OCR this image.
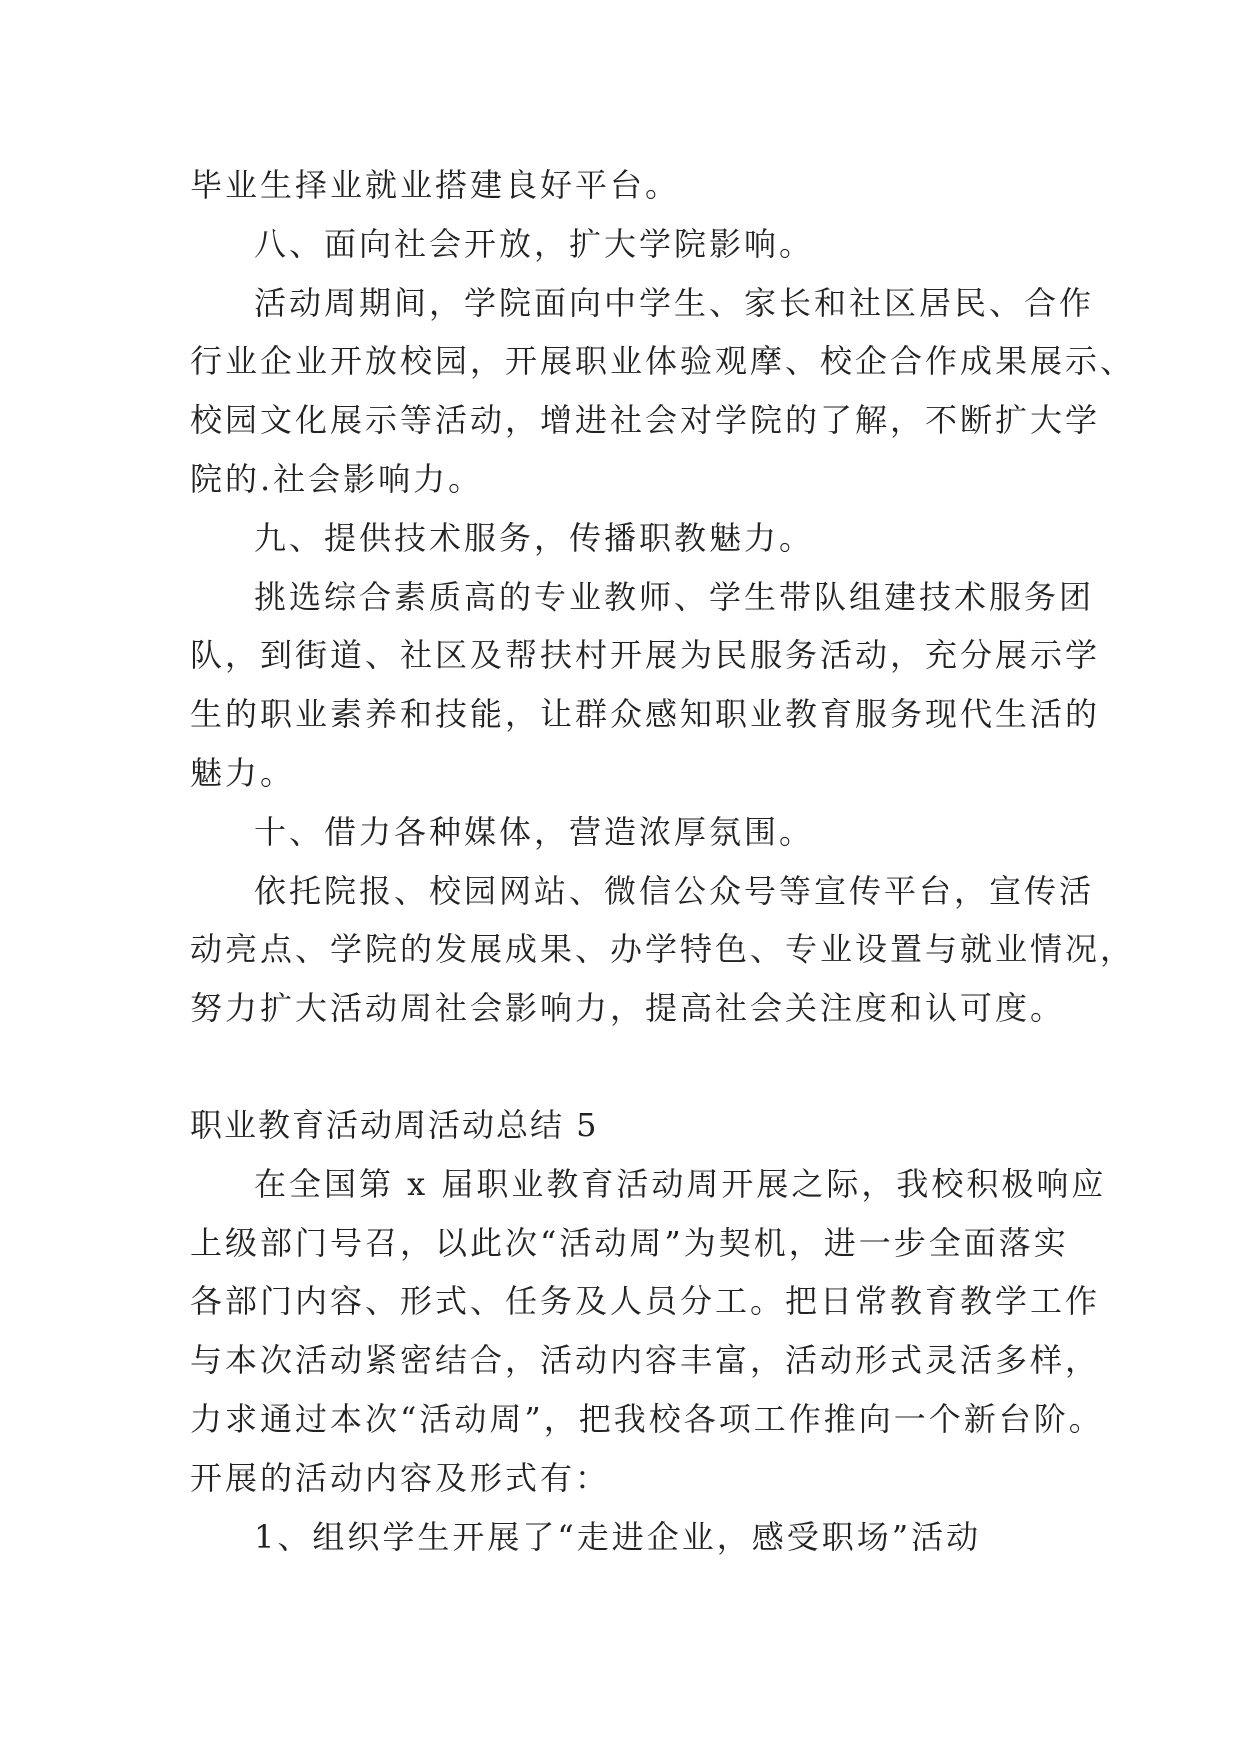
毕业生择业就业搭建良好平台。
八、面向社会开放，扩大学院影响。
活动周期间，学院面向中学生、家长和社区居民、合作
行业企业开放校园，开展职业体验观摩、校企合作成果展示、
校园文化展示等活动，增进社会对学院的了解，不断扩大学
院的.社会影响力。
九、提供技术服务，传播职教魅力。
挑选综合素质高的专业教师、学生带队组建技术服务团
队，到街道、社区及帮扶村开展为民服务活动，充分展示学
生的职业素养和技能，让群众感知职业教育服务现代生活的
魅力。
十、借力各种媒体，营造浓厚氛围。
依托院报、校园网站、微信公众号等宣传平台，宣传活
动亮点、学院的发展成果、办学特色、专业设置与就业情况，
努力扩大活动周社会影响力，提高社会关注度和认可度。
职业教育活动周活动总结 5
在全国第 x 届职业教育活动周开展之际，我校积极响应
上级部门号召，以此次“活动周”为契机，进一步全面落实
各部门内容、形式、任务及人员分工。把日常教育教学工作
与本次活动紧密结合，活动内容丰富，活动形式灵活多样，
力求通过本次“活动周”，把我校各项工作推向一个新台阶。
开展的活动内容及形式有：
1、组织学生开展了“走进企业，感受职场”活动
